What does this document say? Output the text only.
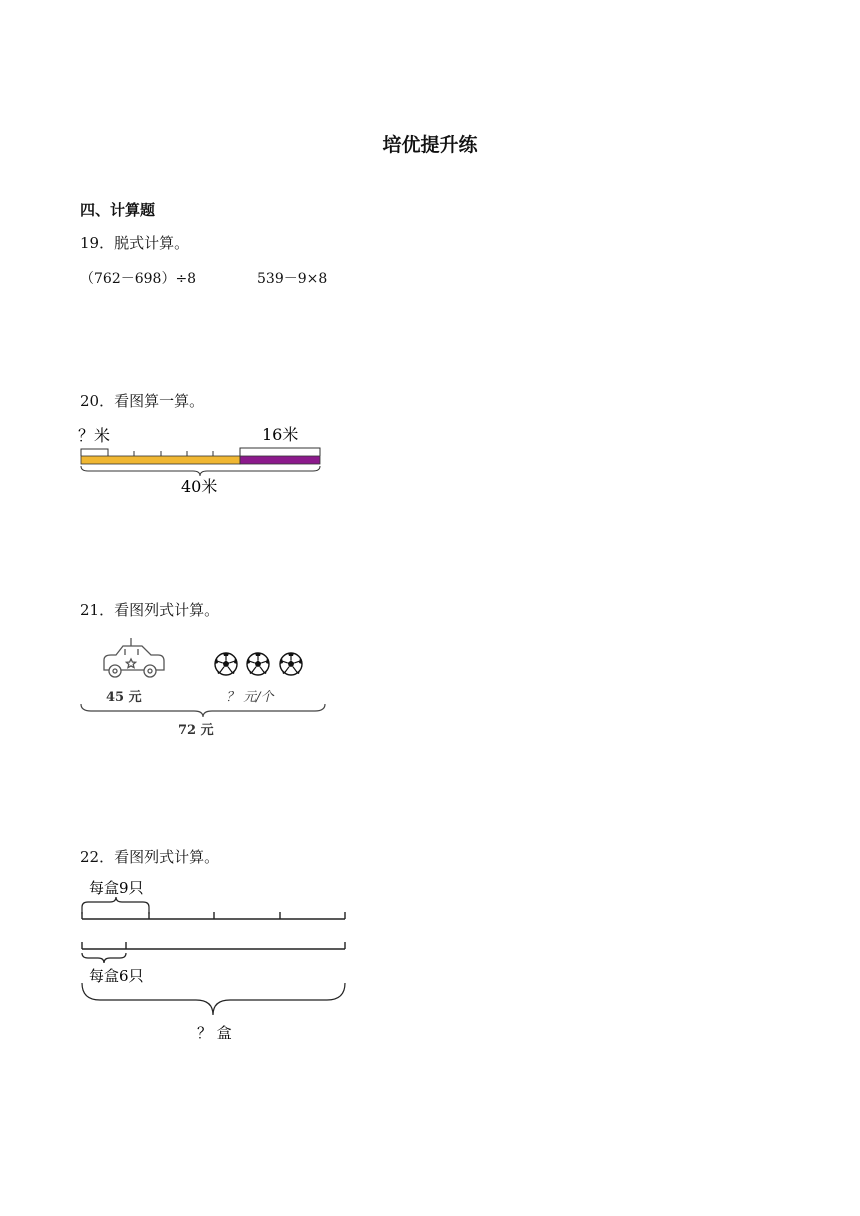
培优提升练
四、计算题
19．脱式计算。
（762－698）÷8	539－9×8
20．看图算一算。
？米	16米
40米
21．看图列式计算。
45 元	？ 元/个
72 元
22．看图列式计算。
每盒9只
每盒6只
？ 盒
